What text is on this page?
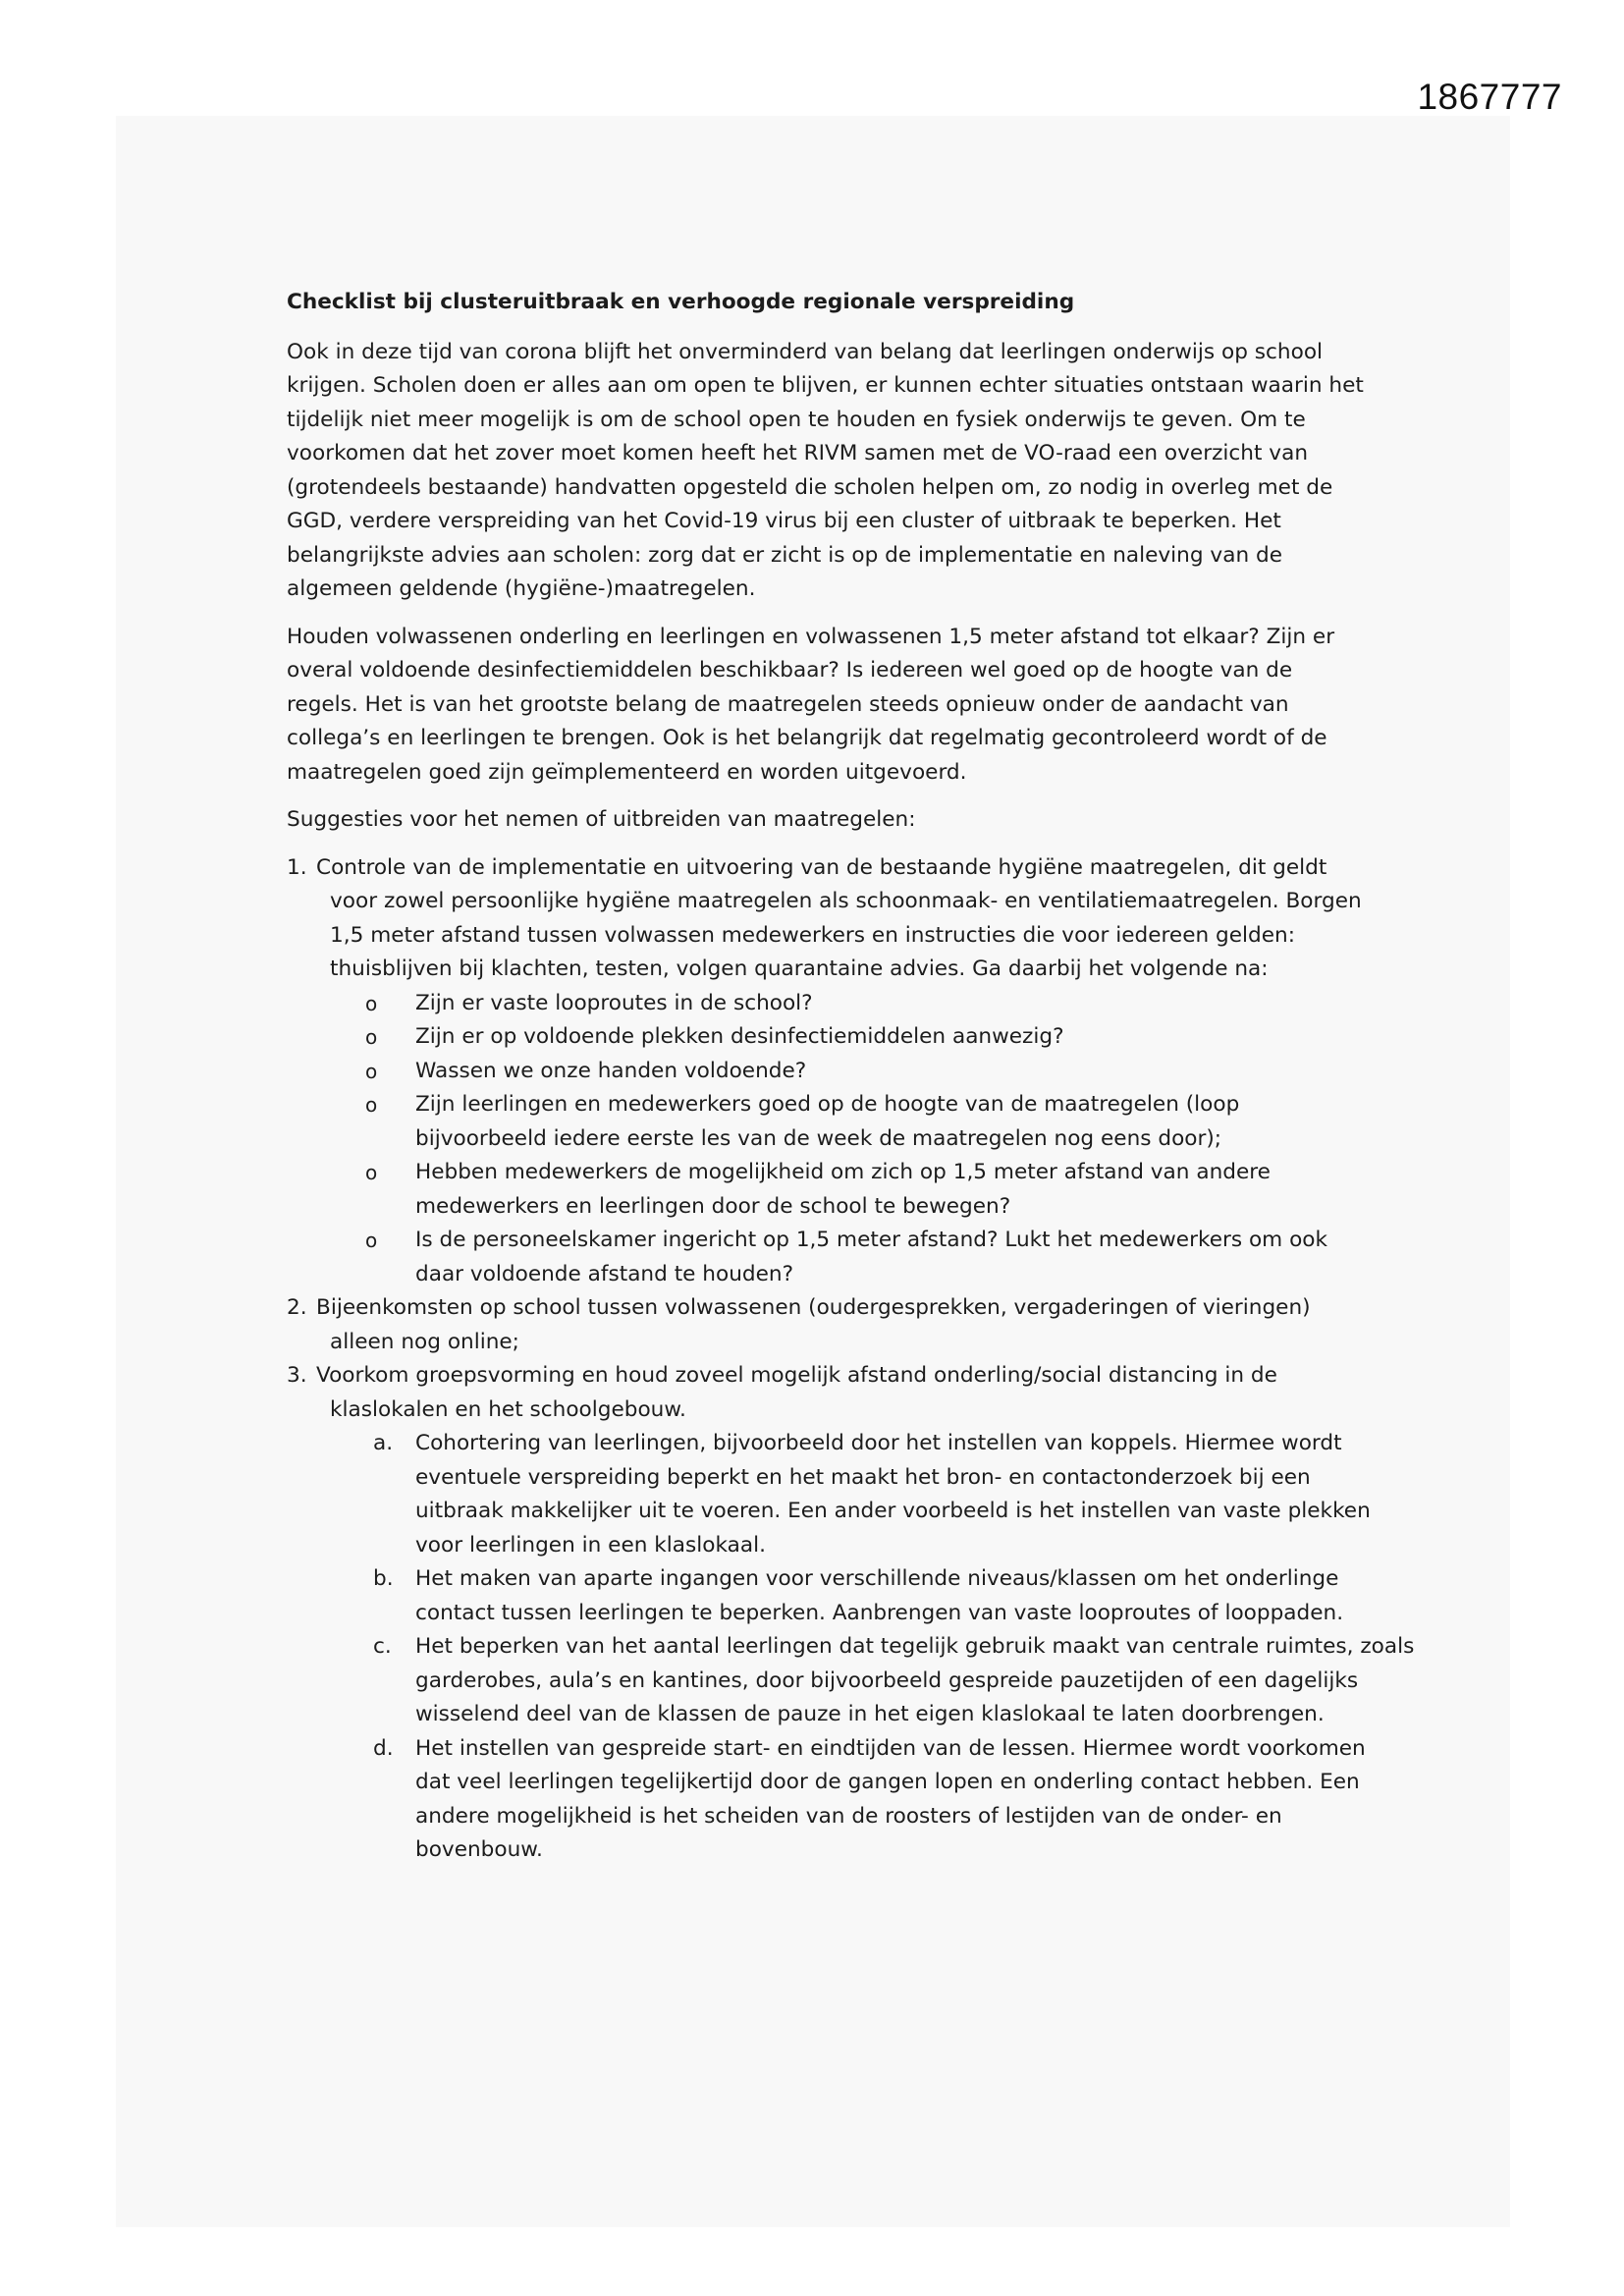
1867777
Checklist bij clusteruitbraak en verhoogde regionale verspreiding

Ook in deze tijd van corona blijft het onverminderd van belang dat leerlingen onderwijs op school
krijgen. Scholen doen er alles aan om open te blijven, er kunnen echter situaties ontstaan waarin het
tijdelijk niet meer mogelijk is om de school open te houden en fysiek onderwijs te geven. Om te
voorkomen dat het zover moet komen heeft het RIVM samen met de VO-raad een overzicht van
(grotendeels bestaande) handvatten opgesteld die scholen helpen om, zo nodig in overleg met de
GGD, verdere verspreiding van het Covid-19 virus bij een cluster of uitbraak te beperken. Het
belangrijkste advies aan scholen: zorg dat er zicht is op de implementatie en naleving van de
algemeen geldende (hygiëne-)maatregelen.

Houden volwassenen onderling en leerlingen en volwassenen 1,5 meter afstand tot elkaar? Zijn er
overal voldoende desinfectiemiddelen beschikbaar? Is iedereen wel goed op de hoogte van de
regels. Het is van het grootste belang de maatregelen steeds opnieuw onder de aandacht van
collega’s en leerlingen te brengen. Ook is het belangrijk dat regelmatig gecontroleerd wordt of de
maatregelen goed zijn geïmplementeerd en worden uitgevoerd.

Suggesties voor het nemen of uitbreiden van maatregelen:

1. Controle van de implementatie en uitvoering van de bestaande hygiëne maatregelen, dit geldt
voor zowel persoonlijke hygiëne maatregelen als schoonmaak- en ventilatiemaatregelen. Borgen
1,5 meter afstand tussen volwassen medewerkers en instructies die voor iedereen gelden:
thuisblijven bij klachten, testen, volgen quarantaine advies. Ga daarbij het volgende na:
o Zijn er vaste looproutes in de school?
o Zijn er op voldoende plekken desinfectiemiddelen aanwezig?
o Wassen we onze handen voldoende?
o Zijn leerlingen en medewerkers goed op de hoogte van de maatregelen (loop
bijvoorbeeld iedere eerste les van de week de maatregelen nog eens door);
o Hebben medewerkers de mogelijkheid om zich op 1,5 meter afstand van andere
medewerkers en leerlingen door de school te bewegen?
o Is de personeelskamer ingericht op 1,5 meter afstand? Lukt het medewerkers om ook
daar voldoende afstand te houden?
2. Bijeenkomsten op school tussen volwassenen (oudergesprekken, vergaderingen of vieringen)
alleen nog online;
3. Voorkom groepsvorming en houd zoveel mogelijk afstand onderling/social distancing in de
klaslokalen en het schoolgebouw.
a. Cohortering van leerlingen, bijvoorbeeld door het instellen van koppels. Hiermee wordt
eventuele verspreiding beperkt en het maakt het bron- en contactonderzoek bij een
uitbraak makkelijker uit te voeren. Een ander voorbeeld is het instellen van vaste plekken
voor leerlingen in een klaslokaal.
b. Het maken van aparte ingangen voor verschillende niveaus/klassen om het onderlinge
contact tussen leerlingen te beperken. Aanbrengen van vaste looproutes of looppaden.
c. Het beperken van het aantal leerlingen dat tegelijk gebruik maakt van centrale ruimtes, zoals
garderobes, aula’s en kantines, door bijvoorbeeld gespreide pauzetijden of een dagelijks
wisselend deel van de klassen de pauze in het eigen klaslokaal te laten doorbrengen.
d. Het instellen van gespreide start- en eindtijden van de lessen. Hiermee wordt voorkomen
dat veel leerlingen tegelijkertijd door de gangen lopen en onderling contact hebben. Een
andere mogelijkheid is het scheiden van de roosters of lestijden van de onder- en
bovenbouw.
